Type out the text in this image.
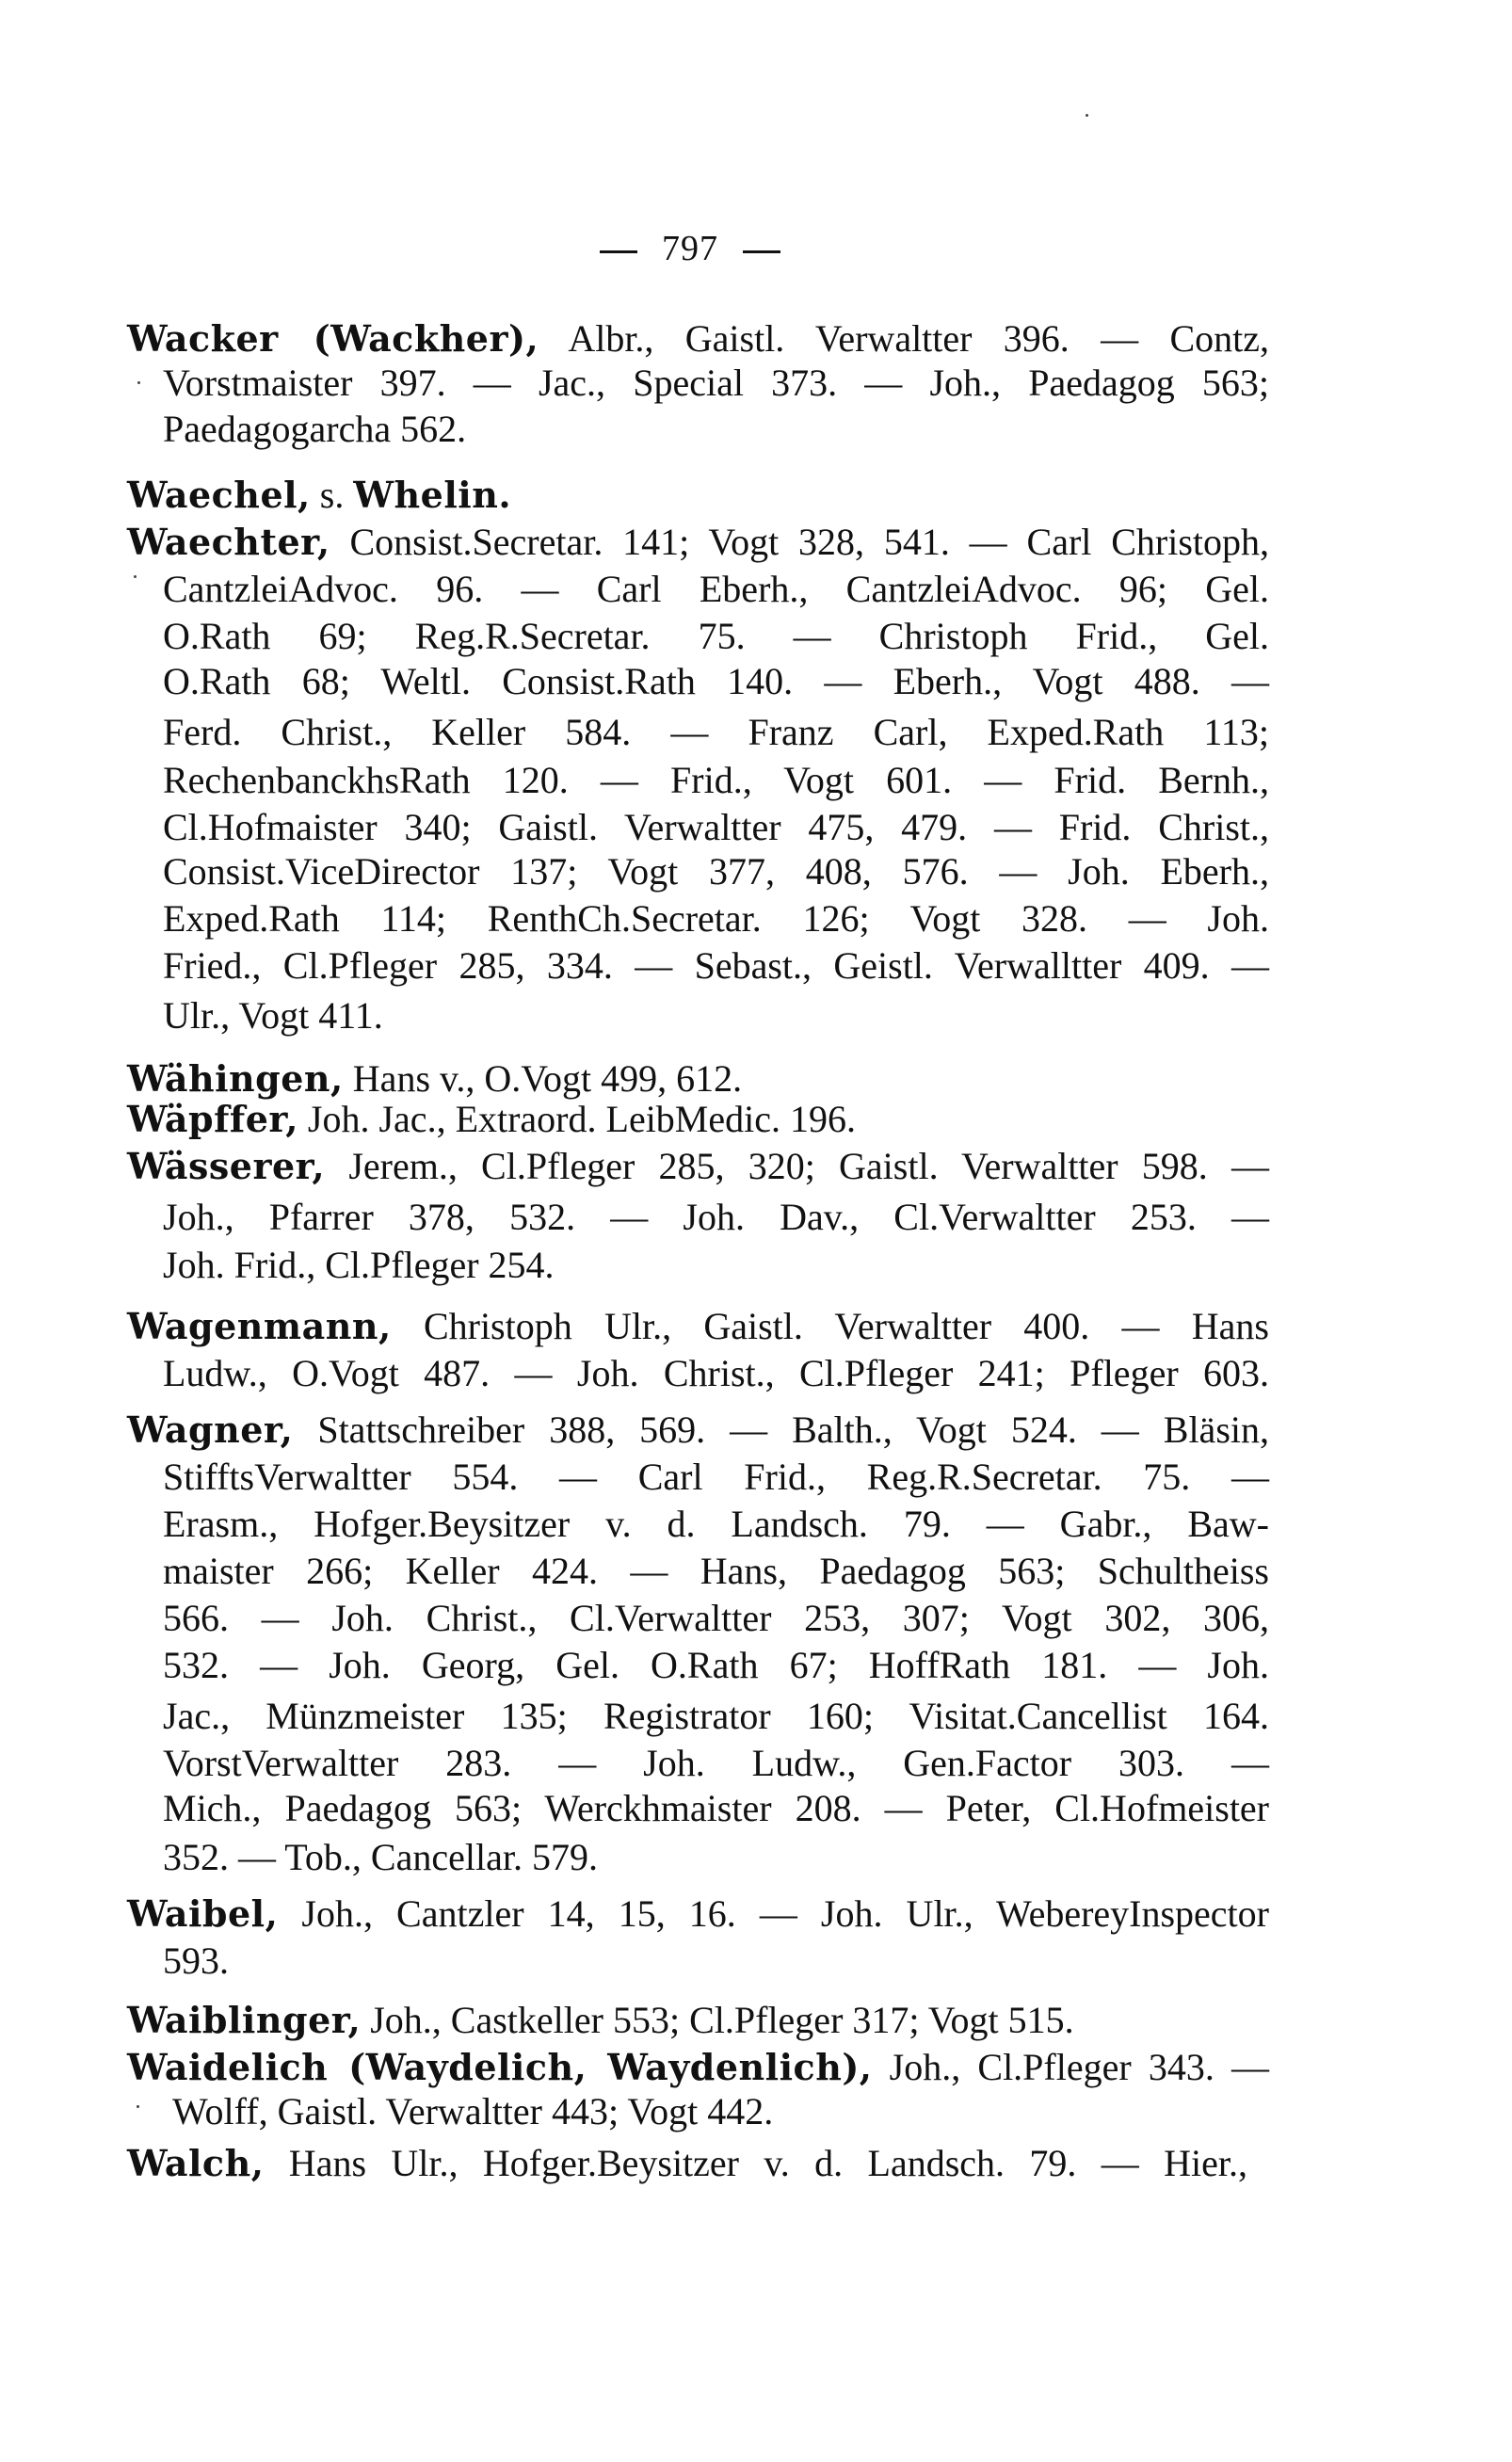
797
Wacker (Wackher), Albr., Gaistl. Verwaltter 396. — Contz,
Vorstmaister 397. — Jac., Special 373. — Joh., Paedagog 563;
Paedagogarcha 562.
Waechel, s. Whelin.
Waechter, Consist.Secretar. 141; Vogt 328, 541. — Carl Christoph,
CantzleiAdvoc. 96. — Carl Eberh., CantzleiAdvoc. 96; Gel.
O.Rath 69; Reg.R.Secretar. 75. — Christoph Frid., Gel.
O.Rath 68; Weltl. Consist.Rath 140. — Eberh., Vogt 488. —
Ferd. Christ., Keller 584. — Franz Carl, Exped.Rath 113;
RechenbanckhsRath 120. — Frid., Vogt 601. — Frid. Bernh.,
Cl.Hofmaister 340; Gaistl. Verwaltter 475, 479. — Frid. Christ.,
Consist.ViceDirector 137; Vogt 377, 408, 576. — Joh. Eberh.,
Exped.Rath 114; RenthCh.Secretar. 126; Vogt 328. — Joh.
Fried., Cl.Pfleger 285, 334. — Sebast., Geistl. Verwalltter 409. —
Ulr., Vogt 411.
Wähingen, Hans v., O.Vogt 499, 612.
Wäpffer, Joh. Jac., Extraord. LeibMedic. 196.
Wässerer, Jerem., Cl.Pfleger 285, 320; Gaistl. Verwaltter 598. —
Joh., Pfarrer 378, 532. — Joh. Dav., Cl.Verwaltter 253. —
Joh. Frid., Cl.Pfleger 254.
Wagenmann, Christoph Ulr., Gaistl. Verwaltter 400. — Hans
Ludw., O.Vogt 487. — Joh. Christ., Cl.Pfleger 241; Pfleger 603.
Wagner, Stattschreiber 388, 569. — Balth., Vogt 524. — Bläsin,
StifftsVerwaltter 554. — Carl Frid., Reg.R.Secretar. 75. —
Erasm., Hofger.Beysitzer v. d. Landsch. 79. — Gabr., Baw-
maister 266; Keller 424. — Hans, Paedagog 563; Schultheiss
566. — Joh. Christ., Cl.Verwaltter 253, 307; Vogt 302, 306,
532. — Joh. Georg, Gel. O.Rath 67; HoffRath 181. — Joh.
Jac., Münzmeister 135; Registrator 160; Visitat.Cancellist 164.
VorstVerwaltter 283. — Joh. Ludw., Gen.Factor 303. —
Mich., Paedagog 563; Werckhmaister 208. — Peter, Cl.Hofmeister
352. — Tob., Cancellar. 579.
Waibel, Joh., Cantzler 14, 15, 16. — Joh. Ulr., WebereyInspector
593.
Waiblinger, Joh., Castkeller 553; Cl.Pfleger 317; Vogt 515.
Waidelich (Waydelich, Waydenlich), Joh., Cl.Pfleger 343. —
Wolff, Gaistl. Verwaltter 443; Vogt 442.
Walch, Hans Ulr., Hofger.Beysitzer v. d. Landsch. 79. — Hier.,
